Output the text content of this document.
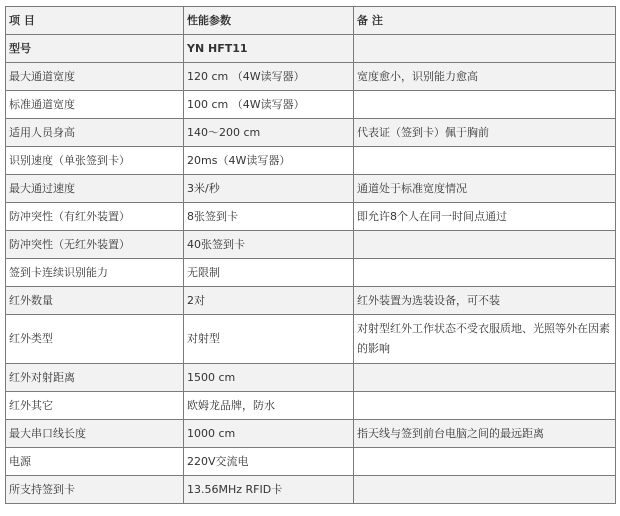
项 目	性能参数	备 注
型号	YN HFT11	
最大通道宽度	120 cm （4W读写器）	宽度愈小，识别能力愈高
标准通道宽度	100 cm （4W读写器）	
适用人员身高	140～200 cm	代表证（签到卡）佩于胸前
识别速度（单张签到卡）	20ms（4W读写器）	
最大通过速度	3米/秒	通道处于标准宽度情况
防冲突性（有红外装置）	8张签到卡	即允许8个人在同一时间点通过
防冲突性（无红外装置）	40张签到卡	
签到卡连续识别能力	无限制	
红外数量	2对	红外装置为选装设备，可不装
红外类型	对射型	对射型红外工作状态不受衣服质地、光照等外在因素的影响
红外对射距离	1500 cm	
红外其它	欧姆龙品牌，防水	
最大串口线长度	1000 cm	指天线与签到前台电脑之间的最远距离
电源	220V交流电	
所支持签到卡	13.56MHz RFID卡	
